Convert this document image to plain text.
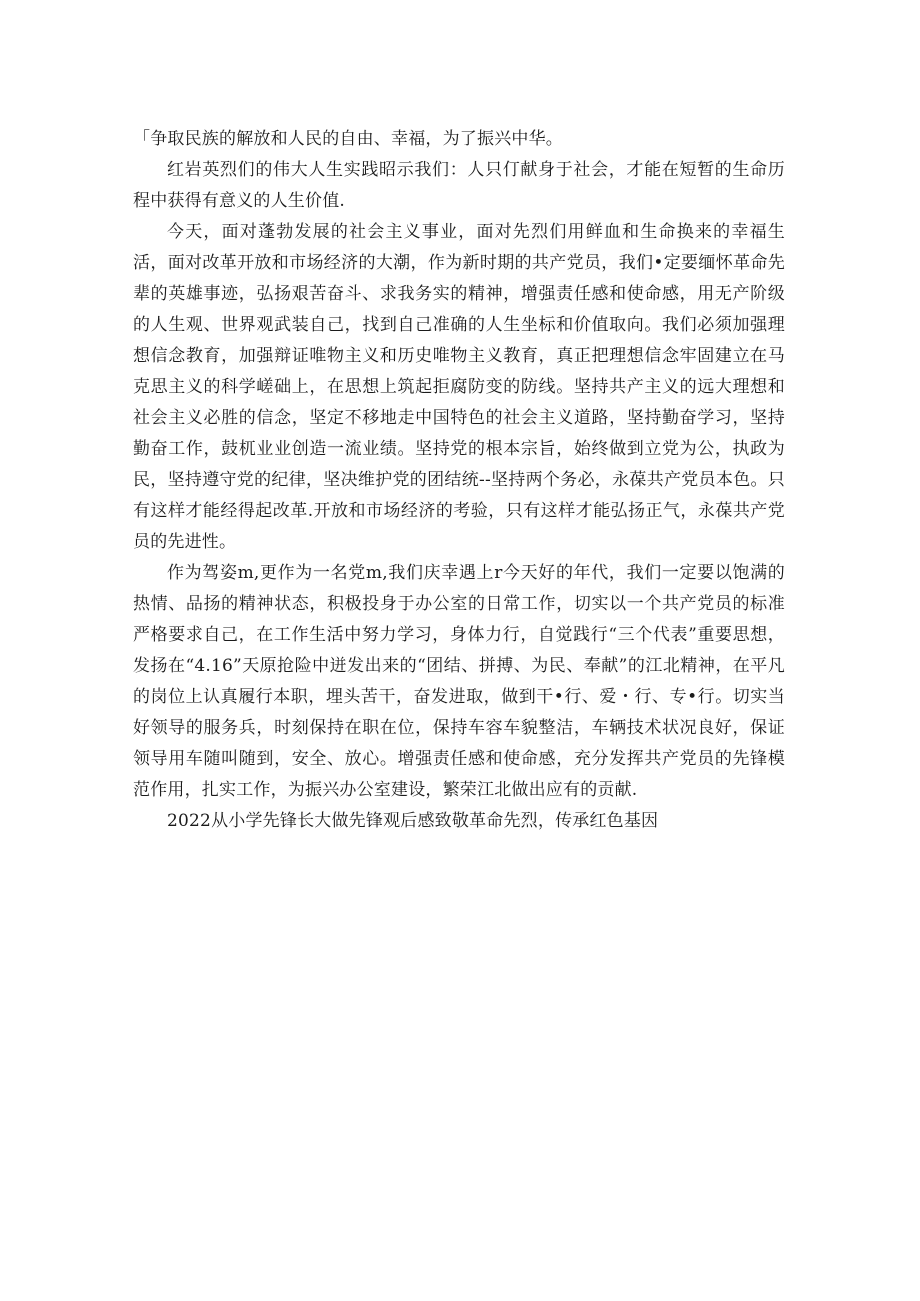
「争取民族的解放和人民的自由、幸福，为了振兴中华。

红岩英烈们的伟大人生实践昭示我们：人只仃献身于社会，才能在短暂的生命历程中获得有意义的人生价值.

今天，面对蓬勃发展的社会主义事业，面对先烈们用鲜血和生命换来的幸福生活，面对改革开放和市场经济的大潮，作为新时期的共产党员，我们•定要缅怀革命先辈的英雄事迹，弘扬艰苦奋斗、求我务实的精神，增强责任感和使命感，用无产阶级的人生观、世界观武装自己，找到自己准确的人生坐标和价值取向。我们必须加强理想信念教育，加强辩证唯物主义和历史唯物主义教育，真正把理想信念牢固建立在马克思主义的科学嵯础上，在思想上筑起拒腐防变的防线。坚持共产主义的远大理想和社会主义必胜的信念，坚定不移地走中国特色的社会主义道路，坚持勤奋学习，坚持勤奋工作，鼓杌业业创造一流业绩。坚持党的根本宗旨，始终做到立党为公，执政为民，坚持遵守党的纪律，坚决维护党的团结统--坚持两个务必，永葆共产党员本色。只有这样才能经得起改革.开放和市场经济的考验，只有这样才能弘扬正气，永葆共产党员的先进性。

作为驾姿m,更作为一名党m,我们庆幸遇上r今天好的年代，我们一定要以饱满的热情、品扬的精神状态，积极投身于办公室的日常工作，切实以一个共产党员的标准严格要求自己，在工作生活中努力学习，身体力行，自觉践行“三个代表”重要思想，发扬在“4.16”天原抢险中迸发出来的“团结、拼搏、为民、奉献”的江北精神，在平凡的岗位上认真履行本职，埋头苦干，奋发进取，做到干•行、爱・行、专•行。切实当好领导的服务兵，时刻保持在职在位，保持车容车貌整洁，车辆技术状况良好，保证领导用车随叫随到，安全、放心。增强责任感和使命感，充分发挥共产党员的先锋模范作用，扎实工作，为振兴办公室建设，繁荣江北做出应有的贡献.

2022从小学先锋长大做先锋观后感致敬革命先烈，传承红色基因
